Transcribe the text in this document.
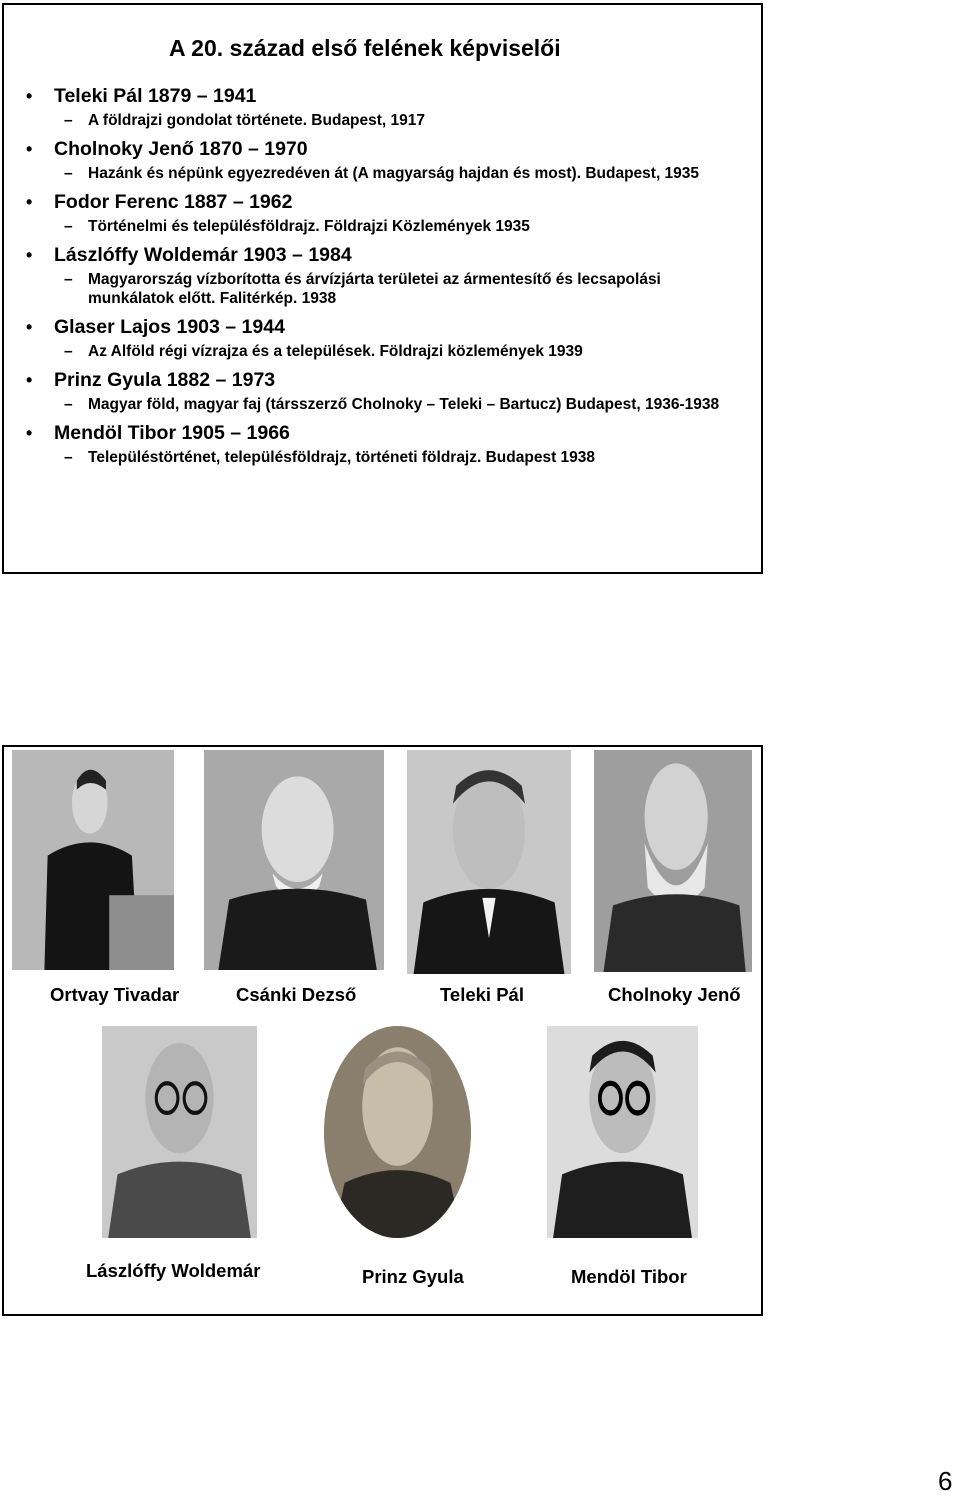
A 20. század első felének képviselői
• Teleki Pál 1879 – 1941
– A földrajzi gondolat története. Budapest, 1917
• Cholnoky Jenő 1870 – 1970
– Hazánk és népünk egyezredéven át (A magyarság hajdan és most). Budapest, 1935
• Fodor Ferenc 1887 – 1962
– Történelmi és településföldrajz. Földrajzi Közlemények 1935
• Lászlóffy Woldemár 1903 – 1984
– Magyarország vízborította és árvízjárta területei az ármentesítő és lecsapolási munkálatok előtt. Falitérkép. 1938
• Glaser Lajos 1903 – 1944
– Az Alföld régi vízrajza és a települések. Földrajzi közlemények 1939
• Prinz Gyula 1882 – 1973
– Magyar föld, magyar faj (társszerző Cholnoky – Teleki – Bartucz) Budapest, 1936-1938
• Mendöl Tibor 1905 – 1966
– Településtörténet, településföldrajz, történeti földrajz. Budapest 1938
Ortvay Tivadar	Csánki Dezső	Teleki Pál	Cholnoky Jenő
Lászlóffy Woldemár	Prinz Gyula	Mendöl Tibor
6
